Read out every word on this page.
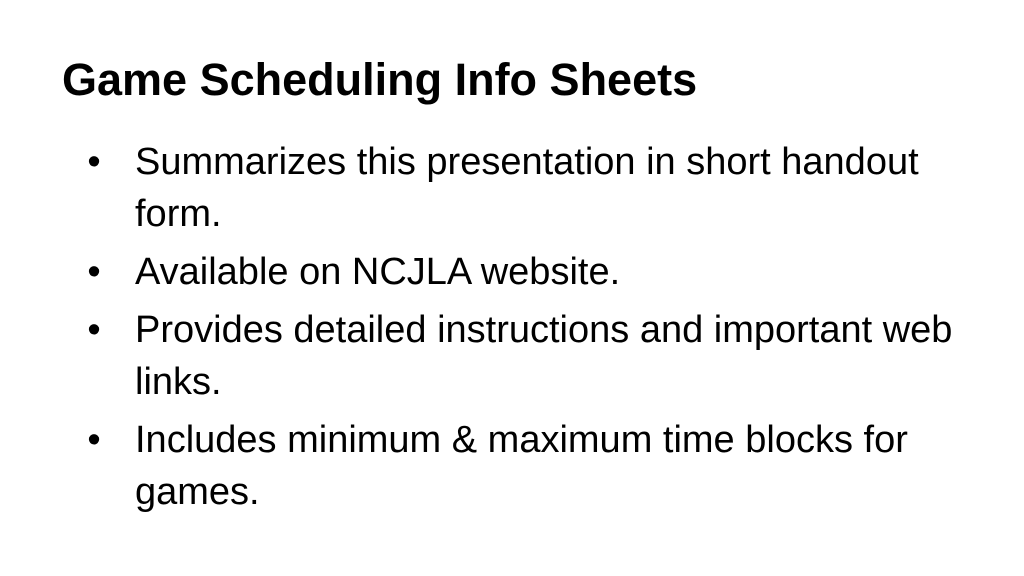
Game Scheduling Info Sheets
• Summarizes this presentation in short handout form.
• Available on NCJLA website.
• Provides detailed instructions and important web links.
• Includes minimum & maximum time blocks for games.
